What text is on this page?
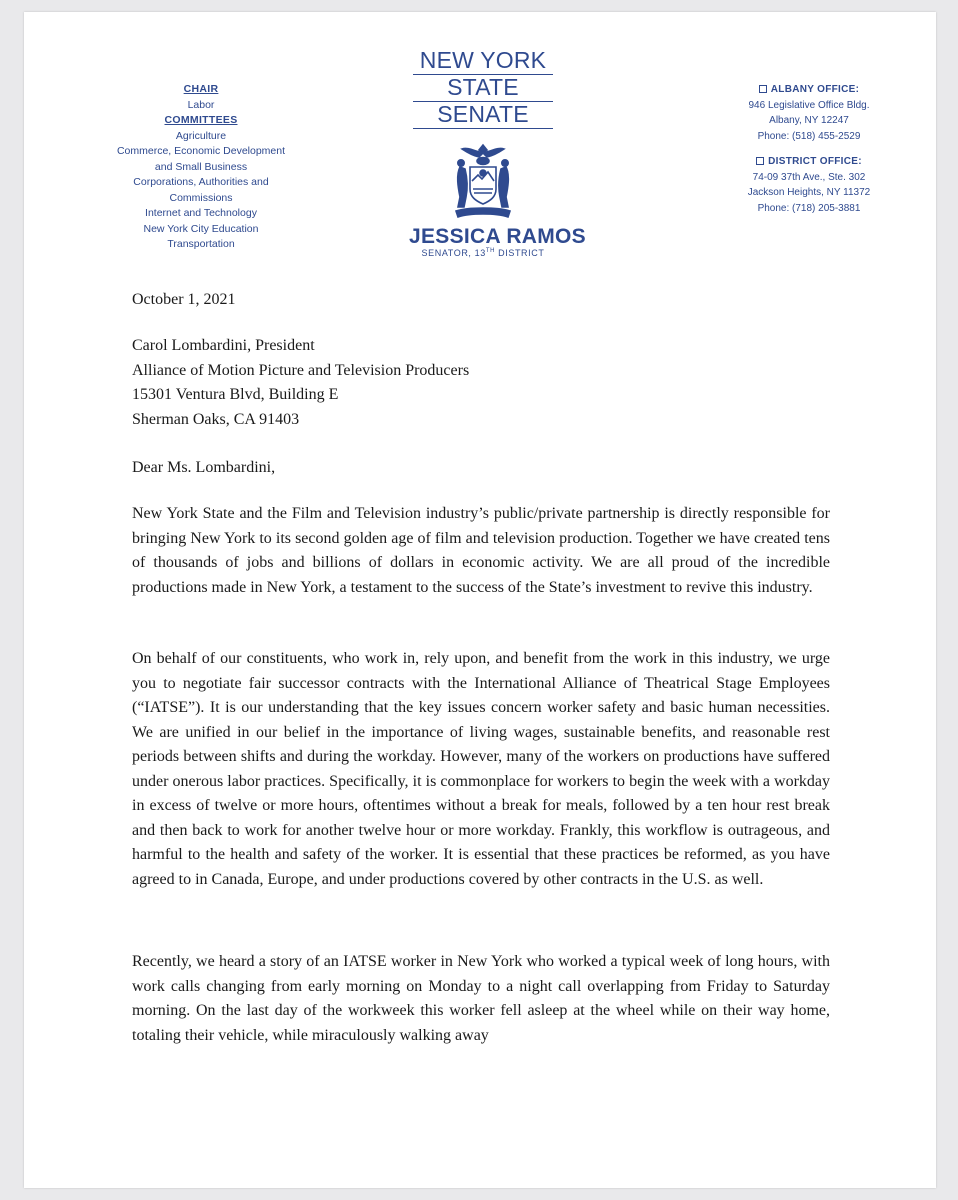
CHAIR
Labor
COMMITTEES
Agriculture
Commerce, Economic Development
and Small Business
Corporations, Authorities and
Commissions
Internet and Technology
New York City Education
Transportation
NEW YORK
STATE
SENATE
JESSICA RAMOS
SENATOR, 13TH DISTRICT
ALBANY OFFICE:
946 Legislative Office Bldg.
Albany, NY 12247
Phone: (518) 455-2529
DISTRICT OFFICE:
74-09 37th Ave., Ste. 302
Jackson Heights, NY 11372
Phone: (718) 205-3881
October 1, 2021
Carol Lombardini, President
Alliance of Motion Picture and Television Producers
15301 Ventura Blvd, Building E
Sherman Oaks, CA 91403
Dear Ms. Lombardini,
New York State and the Film and Television industry’s public/private partnership is directly responsible for bringing New York to its second golden age of film and television production. Together we have created tens of thousands of jobs and billions of dollars in economic activity. We are all proud of the incredible productions made in New York, a testament to the success of the State’s investment to revive this industry.
On behalf of our constituents, who work in, rely upon, and benefit from the work in this industry, we urge you to negotiate fair successor contracts with the International Alliance of Theatrical Stage Employees (“IATSE”). It is our understanding that the key issues concern worker safety and basic human necessities. We are unified in our belief in the importance of living wages, sustainable benefits, and reasonable rest periods between shifts and during the workday. However, many of the workers on productions have suffered under onerous labor practices. Specifically, it is commonplace for workers to begin the week with a workday in excess of twelve or more hours, oftentimes without a break for meals, followed by a ten hour rest break and then back to work for another twelve hour or more workday. Frankly, this workflow is outrageous, and harmful to the health and safety of the worker. It is essential that these practices be reformed, as you have agreed to in Canada, Europe, and under productions covered by other contracts in the U.S. as well.
Recently, we heard a story of an IATSE worker in New York who worked a typical week of long hours, with work calls changing from early morning on Monday to a night call overlapping from Friday to Saturday morning. On the last day of the workweek this worker fell asleep at the wheel while on their way home, totaling their vehicle, while miraculously walking away
